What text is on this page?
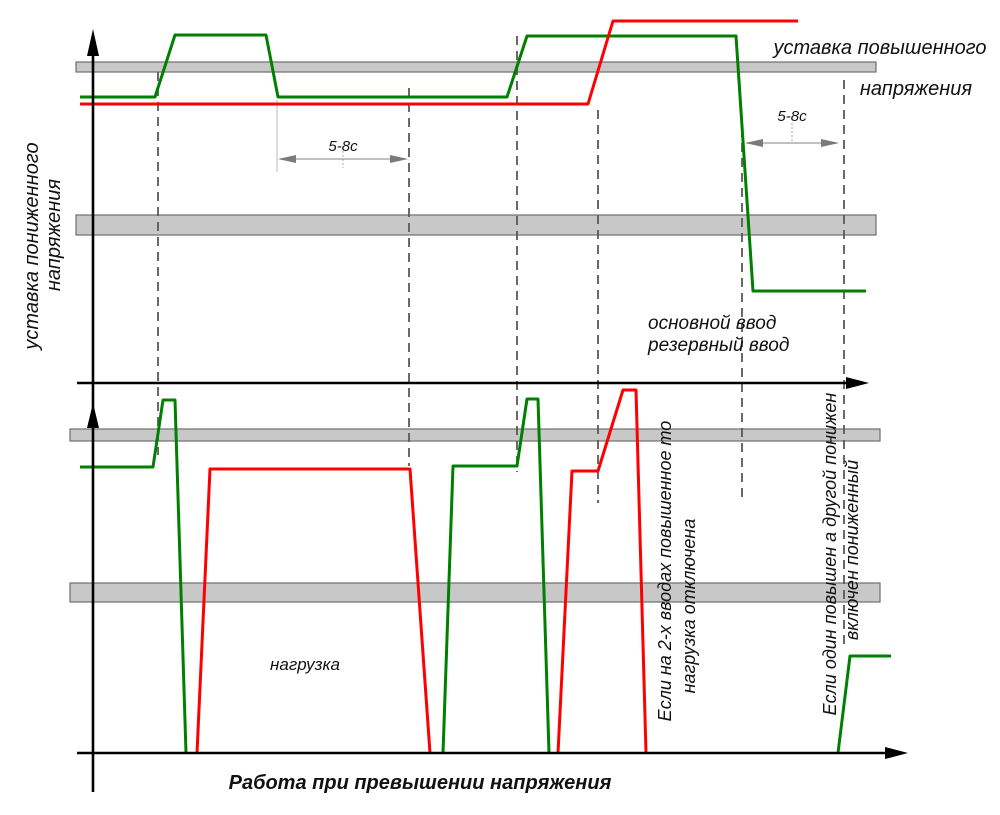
5-8с
5-8с
уставка повышенного
напряжения
уставка пониженного напряжения
основной ввод
резервный ввод
нагрузка	Если на 2-х вводах повышенное то нагрузка отключена	Если один повышен а другой понижен включен пониженный
Работа при превышении напряжения
